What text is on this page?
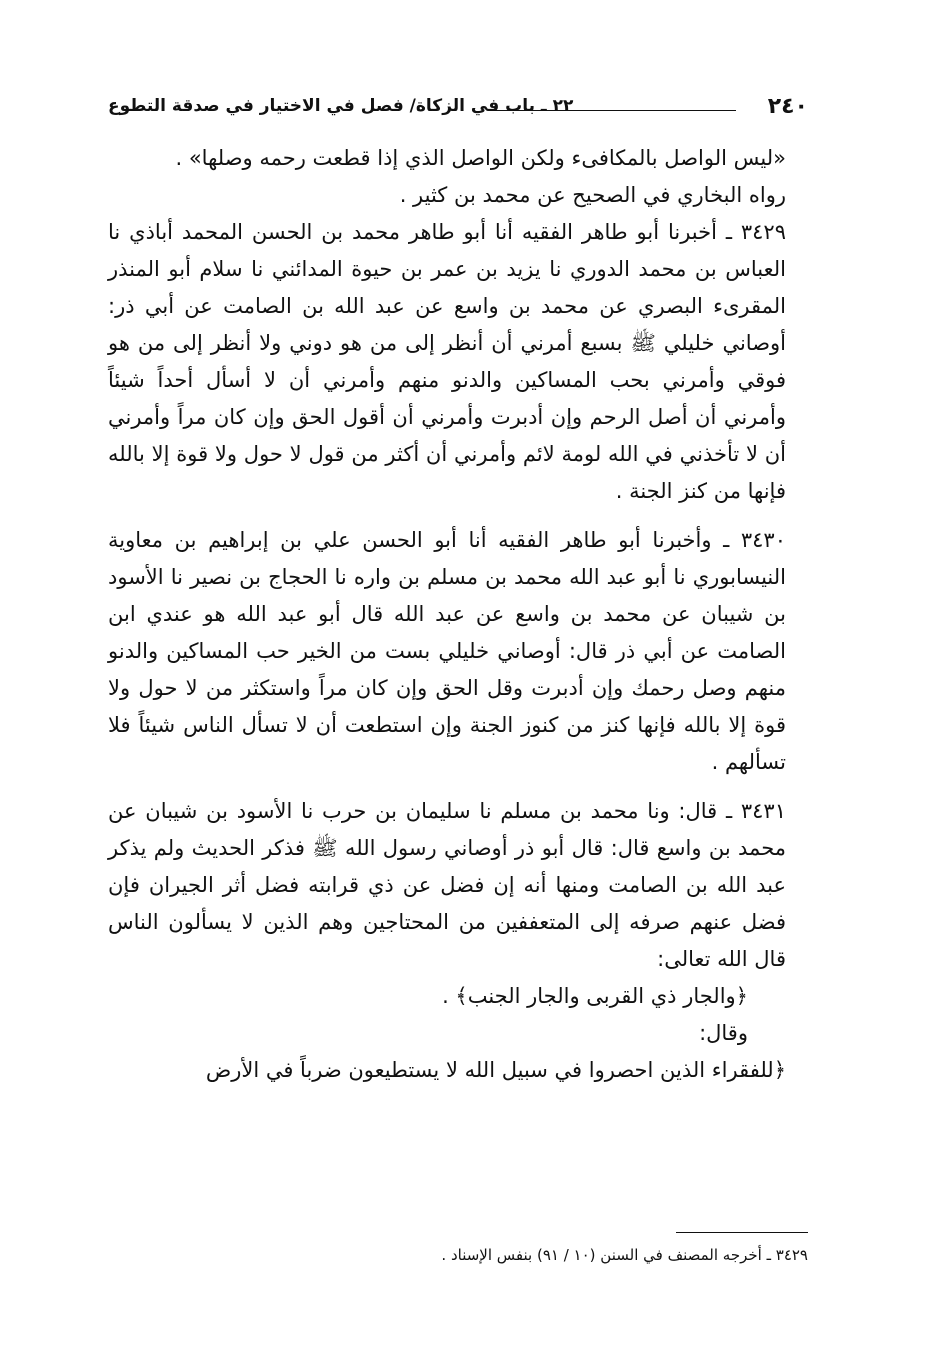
٢٤٠
٢٢ ـ باب في الزكاة/ فصل في الاختيار في صدقة التطوع

«ليس الواصل بالمكافىء ولكن الواصل الذي إذا قطعت رحمه وصلها» .

رواه البخاري في الصحيح عن محمد بن كثير .

٣٤٢٩ ـ أخبرنا أبو طاهر الفقيه أنا أبو طاهر محمد بن الحسن المحمد أباذي نا العباس بن محمد الدوري نا يزيد بن عمر بن حيوة المدائني نا سلام أبو المنذر المقرىء البصري عن محمد بن واسع عن عبد الله بن الصامت عن أبي ذر: أوصاني خليلي ﷺ بسبع أمرني أن أنظر إلى من هو دوني ولا أنظر إلى من هو فوقي وأمرني بحب المساكين والدنو منهم وأمرني أن لا أسأل أحداً شيئاً وأمرني أن أصل الرحم وإن أدبرت وأمرني أن أقول الحق وإن كان مراً وأمرني أن لا تأخذني في الله لومة لائم وأمرني أن أكثر من قول لا حول ولا قوة إلا بالله فإنها من كنز الجنة .

٣٤٣٠ ـ وأخبرنا أبو طاهر الفقيه أنا أبو الحسن علي بن إبراهيم بن معاوية النيسابوري نا أبو عبد الله محمد بن مسلم بن واره نا الحجاج بن نصير نا الأسود بن شيبان عن محمد بن واسع عن عبد الله قال أبو عبد الله هو عندي ابن الصامت عن أبي ذر قال: أوصاني خليلي بست من الخير حب المساكين والدنو منهم وصل رحمك وإن أدبرت وقل الحق وإن كان مراً واستكثر من لا حول ولا قوة إلا بالله فإنها كنز من كنوز الجنة وإن استطعت أن لا تسأل الناس شيئاً فلا تسألهم .

٣٤٣١ ـ قال: ونا محمد بن مسلم نا سليمان بن حرب نا الأسود بن شيبان عن محمد بن واسع قال: قال أبو ذر أوصاني رسول الله ﷺ فذكر الحديث ولم يذكر عبد الله بن الصامت ومنها أنه إن فضل عن ذي قرابته فضل أثر الجيران فإن فضل عنهم صرفه إلى المتعففين من المحتاجين وهم الذين لا يسألون الناس قال الله تعالى:

﴿والجار ذي القربى والجار الجنب﴾ .

وقال:

﴿للفقراء الذين احصروا في سبيل الله لا يستطيعون ضرباً في الأرض

٣٤٢٩ ـ أخرجه المصنف في السنن (١٠ / ٩١) بنفس الإسناد .
